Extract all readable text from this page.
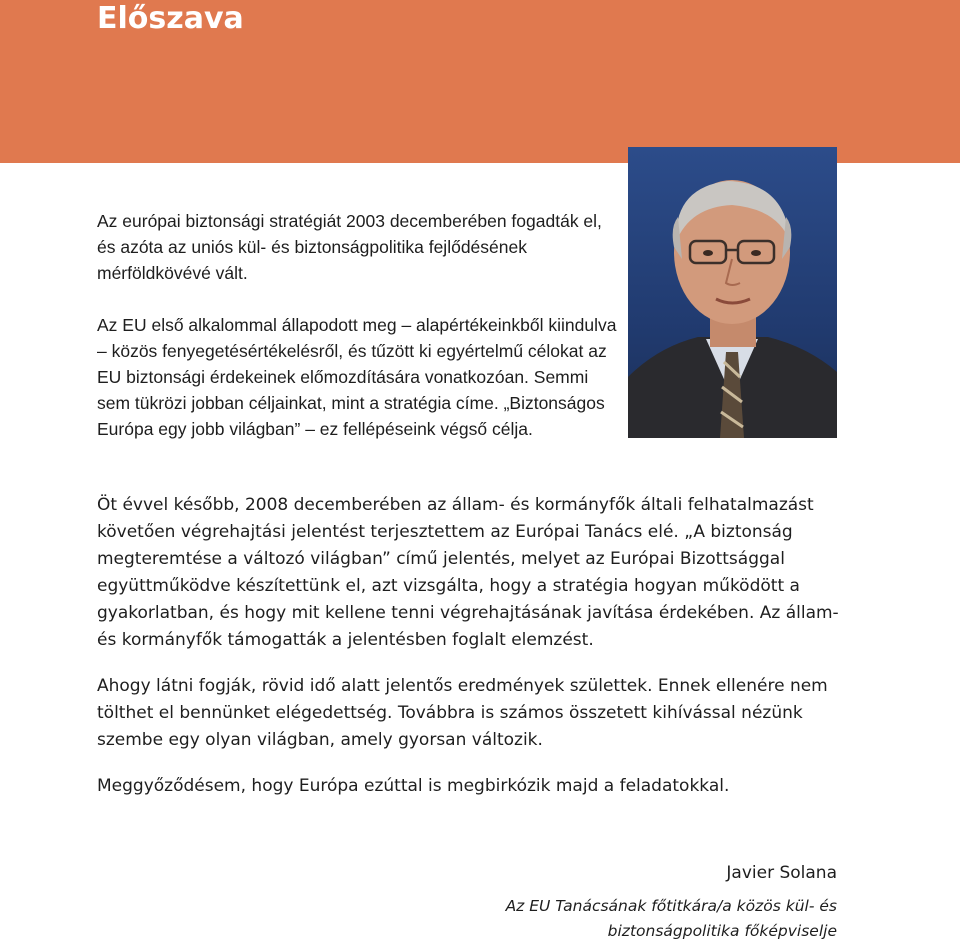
Előszava

Az európai biztonsági stratégiát 2003 decemberében fogadták el, és azóta az uniós kül- és biztonságpolitika fejlődésének mérföldkövévé vált.

Az EU első alkalommal állapodott meg – alapértékeinkből kiindulva – közös fenyegetésértékelésről, és tűzött ki egyértelmű célokat az EU biztonsági érdekeinek előmozdítására vonatkozóan. Semmi sem tükrözi jobban céljainkat, mint a stratégia címe. „Biztonságos Európa egy jobb világban” – ez fellépéseink végső célja.

Öt évvel később, 2008 decemberében az állam- és kormányfők általi felhatalmazást követően végrehajtási jelentést terjesztettem az Európai Tanács elé. „A biztonság megteremtése a változó világban” című jelentés, melyet az Európai Bizottsággal együttműködve készítettünk el, azt vizsgálta, hogy a stratégia hogyan működött a gyakorlatban, és hogy mit kellene tenni végrehajtásának javítása érdekében. Az állam- és kormányfők támogatták a jelentésben foglalt elemzést.

Ahogy látni fogják, rövid idő alatt jelentős eredmények születtek. Ennek ellenére nem tölthet el bennünket elégedettség. Továbbra is számos összetett kihívással nézünk szembe egy olyan világban, amely gyorsan változik.

Meggyőződésem, hogy Európa ezúttal is megbirkózik majd a feladatokkal.

Javier Solana
Az EU Tanácsának főtitkára/a közös kül- és biztonságpolitika főképviselje
